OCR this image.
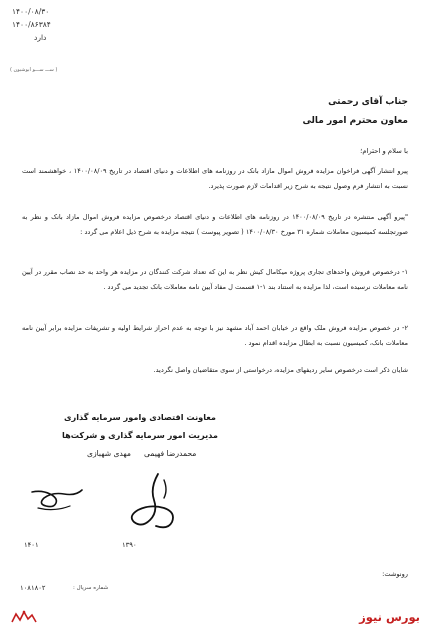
۱۴۰۰/۰۸/۳۰
۱۴۰۰/۸۶۳۸۴
دارد
( ســـ ســـو ابوشبون )
جناب آقای رحمتی
معاون محترم امور مالی
با سلام و احترام؛
پیرو انتشار آگهی فراخوان مزایده فروش اموال مازاد بانک در روزنامه های اطلاعات و دنیای اقتصاد در تاریخ ۱۴۰۰/۰۸/۰۹ ، خواهشمند است نسبت به انتشار فرم وصول نتیجه به شرح زیر اقدامات لازم صورت پذیرد.
"پیرو آگهی منتشره در تاریخ ۱۴۰۰/۰۸/۰۹ در روزنامه های اطلاعات و دنیای اقتصاد درخصوص مزایده فروش اموال مازاد بانک و نظر به صورتجلسه کمیسیون معاملات شماره ۳۱ مورخ ۱۴۰۰/۰۸/۳۰ ( تصویر پیوست ) نتیجه مزایده به شرح ذیل اعلام می گردد :
۱- درخصوص فروش واحدهای تجاری پروژه میکامال کیش نظر به این که تعداد شرکت کنندگان در مزایده هر واحد به حد نصاب مقرر در آیین نامه معاملات نرسیده است، لذا مزایده به استناد بند ۱-۱ قسمت ل مفاد آیین نامه معاملات بانک تجدید می گردد .
۲- در خصوص مزایده فروش ملک واقع در خیابان احمد آباد مشهد نیز با توجه به عدم احراز شرایط اولیه و تشریفات مزایده برابر آیین نامه معاملات بانک، کمیسیون نسبت به ابطال مزایده اقدام نمود .
شایان ذکر است درخصوص سایر ردیفهای مزایده، درخواستی از سوی متقاضیان واصل نگردید.
معاونت اقتصادی وامور سرمایه گذاری
مدیریت امور سرمایه گذاری و شرکت‌ها
مهدی شهبازی محمدرضا فهیمی
۱۴۰۱	۱۳۹۰
رونوشت:
۱۰۸۱۸۰۲	شماره سریال :
بورس نیوز
